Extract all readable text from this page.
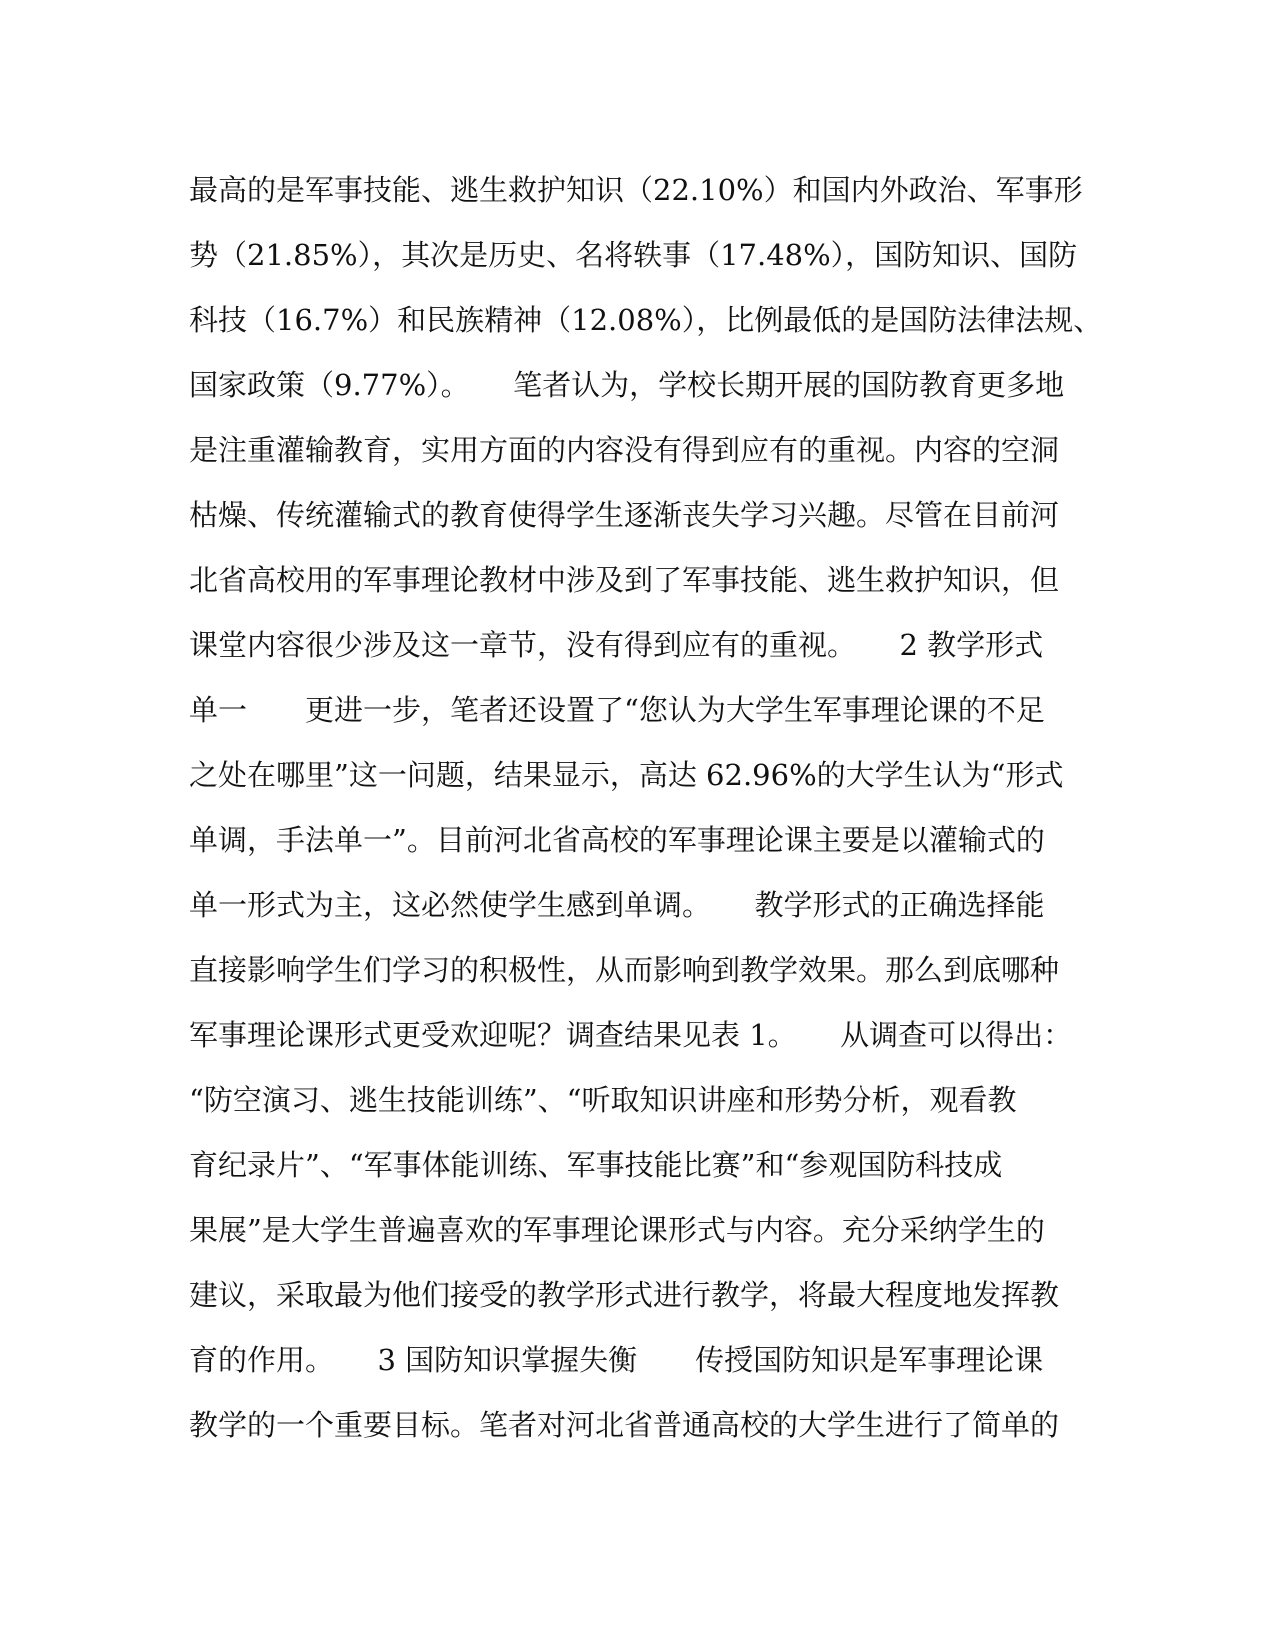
最高的是军事技能、逃生救护知识（22.10%）和国内外政治、军事形

势（21.85%），其次是历史、名将轶事（17.48%），国防知识、国防

科技（16.7%）和民族精神（12.08%），比例最低的是国防法律法规、

国家政策（9.77%）。　　笔者认为，学校长期开展的国防教育更多地

是注重灌输教育，实用方面的内容没有得到应有的重视。内容的空洞

枯燥、传统灌输式的教育使得学生逐渐丧失学习兴趣。尽管在目前河

北省高校用的军事理论教材中涉及到了军事技能、逃生救护知识，但

课堂内容很少涉及这一章节，没有得到应有的重视。　　2 教学形式

单一　　更进一步，笔者还设置了“您认为大学生军事理论课的不足

之处在哪里”这一问题，结果显示，高达 62.96%的大学生认为“形式

单调，手法单一”。目前河北省高校的军事理论课主要是以灌输式的

单一形式为主，这必然使学生感到单调。　　教学形式的正确选择能

直接影响学生们学习的积极性，从而影响到教学效果。那么到底哪种

军事理论课形式更受欢迎呢？调查结果见表 1。　　从调查可以得出：

“防空演习、逃生技能训练”、“听取知识讲座和形势分析，观看教

育纪录片”、“军事体能训练、军事技能比赛”和“参观国防科技成

果展”是大学生普遍喜欢的军事理论课形式与内容。充分采纳学生的

建议，采取最为他们接受的教学形式进行教学，将最大程度地发挥教

育的作用。　　3 国防知识掌握失衡　　传授国防知识是军事理论课

教学的一个重要目标。笔者对河北省普通高校的大学生进行了简单的
